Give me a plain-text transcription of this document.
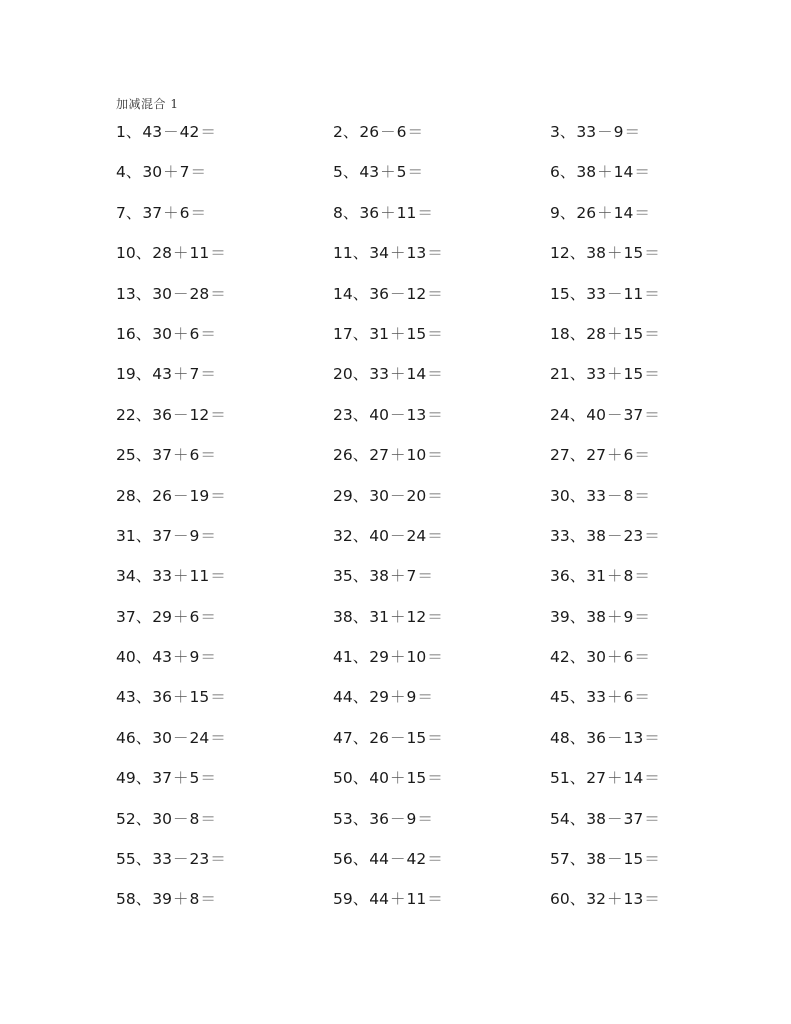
加减混合 1
1、43－42＝	2、26－6＝	3、33－9＝
4、30＋7＝	5、43＋5＝	6、38＋14＝
7、37＋6＝	8、36＋11＝	9、26＋14＝
10、28＋11＝	11、34＋13＝	12、38＋15＝
13、30－28＝	14、36－12＝	15、33－11＝
16、30＋6＝	17、31＋15＝	18、28＋15＝
19、43＋7＝	20、33＋14＝	21、33＋15＝
22、36－12＝	23、40－13＝	24、40－37＝
25、37＋6＝	26、27＋10＝	27、27＋6＝
28、26－19＝	29、30－20＝	30、33－8＝
31、37－9＝	32、40－24＝	33、38－23＝
34、33＋11＝	35、38＋7＝	36、31＋8＝
37、29＋6＝	38、31＋12＝	39、38＋9＝
40、43＋9＝	41、29＋10＝	42、30＋6＝
43、36＋15＝	44、29＋9＝	45、33＋6＝
46、30－24＝	47、26－15＝	48、36－13＝
49、37＋5＝	50、40＋15＝	51、27＋14＝
52、30－8＝	53、36－9＝	54、38－37＝
55、33－23＝	56、44－42＝	57、38－15＝
58、39＋8＝	59、44＋11＝	60、32＋13＝
